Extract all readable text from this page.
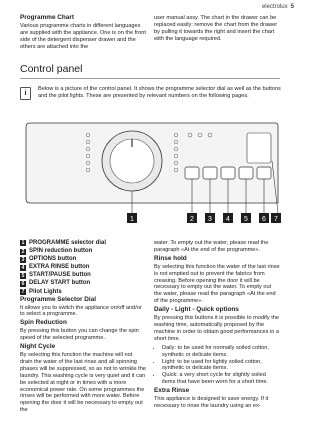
electrolux 5
Programme Chart

Various programme charts in different languages are supplied with the appliance. One is on the front side of the detergent dispenser drawer and the others are attached into the

user manual assy. The chart in the drawer can be replaced easily: remove the chart from the drawer by pulling it towards the right and insert the chart with the language required.

Control panel
i
Below is a picture of the control panel. It shows the programme selector dial as well as the buttons and the pilot lights. These are presented by relevant numbers on the following pages.
1	2 3 4 5 6 7
1 PROGRAMME selector dial
2 SPIN reduction button
3 OPTIONS button
4 EXTRA RINSE button
5 START/PAUSE button
6 DELAY START button
7 Pilot Lights
Programme Selector Dial

It allows you to switch the appliance on/off and/or to select a programme.

Spin Reduction

By pressing this button you can change the spin speed of the selected programme.

Night Cycle

By selecting this function the machine will not drain the water of the last rinse and all spinning phases will be suppressed, so as not to wrinkle the laundry. This washing cycle is very quiet and it can be selected at night or in times with a more economical power rate. On some programmes the rinses will be performed with more water. Before opening the door it will be necessary to empty out the

water. To empty out the water, please read the paragraph «At the end of the programme».

Rinse hold

By selecting this function the water of the last rinse is not emptied out to prevent the fabrics from creasing. Before opening the door it will be necessary to empty out the water. To empty out the water, please read the paragraph «At the end of the programme».

Daily - Light - Quick options

By pressing this buttons it is possible to modify the washing time, automatically proposed by the machine in order to obtain good performances in a short time.

• Daily: to be used for normally soiled cotton, synthetic or delicate items.
• Light: to be used for lightly soiled cotton, synthetic or delicate items.
• Quick: a very short cycle for slightly soiled items that have been worn for a short time.
Extra Rinse

This appliance is designed to save energy. If it necessary to rinse the laundry using an ex-
